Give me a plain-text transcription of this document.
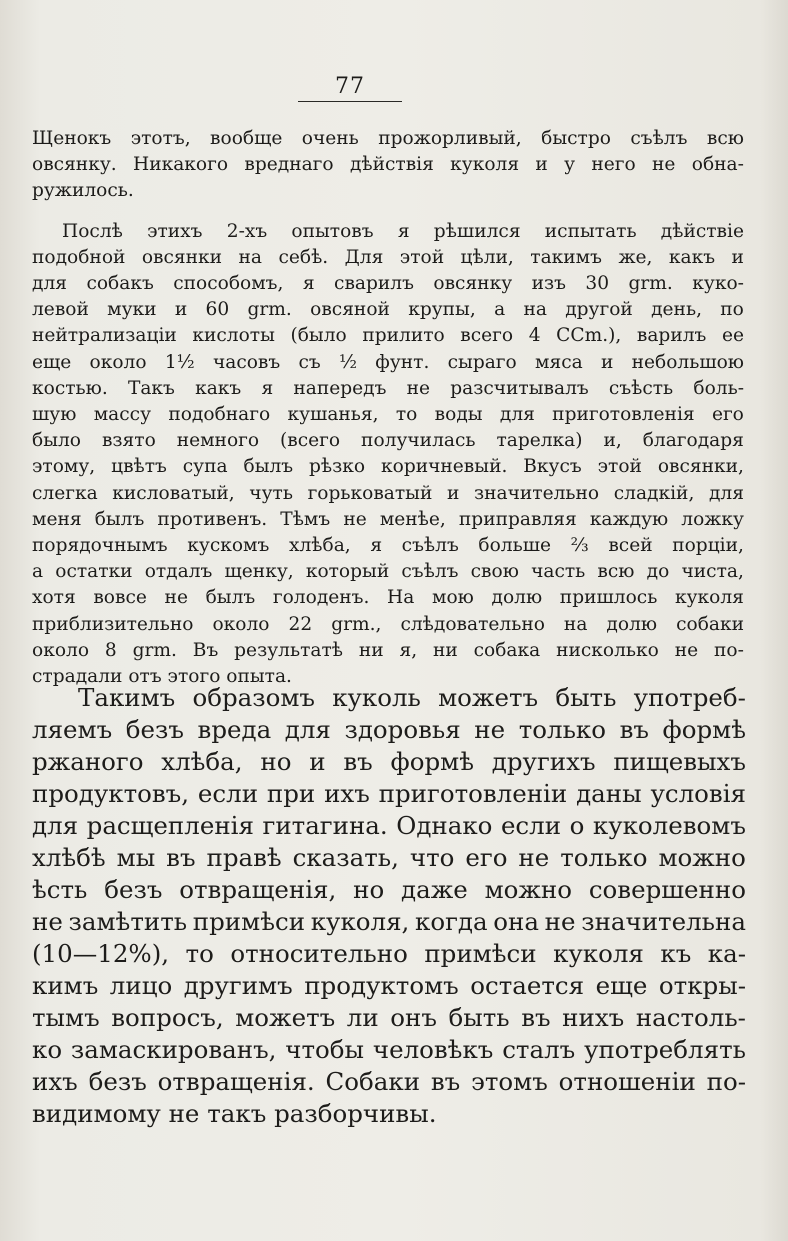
77
Щенокъ этотъ, вообще очень прожорливый, быстро съѣлъ всю
овсянку. Никакого вреднаго дѣйствія куколя и у него не обна-
ружилось.
Послѣ этихъ 2-хъ опытовъ я рѣшился испытать дѣйствіе
подобной овсянки на себѣ. Для этой цѣли, такимъ же, какъ и
для собакъ способомъ, я сварилъ овсянку изъ 30 grm. куко-
левой муки и 60 grm. овсяной крупы, а на другой день, по
нейтрализаціи кислоты (было прилито всего 4 CCm.), варилъ ее
еще около 1½ часовъ съ ½ фунт. сыраго мяса и небольшою
костью. Такъ какъ я напередъ не разсчитывалъ съѣсть боль-
шую массу подобнаго кушанья, то воды для приготовленія его
было взято немного (всего получилась тарелка) и, благодаря
этому, цвѣтъ супа былъ рѣзко коричневый. Вкусъ этой овсянки,
слегка кисловатый, чуть горьковатый и значительно сладкій, для
меня былъ противенъ. Тѣмъ не менѣе, приправляя каждую ложку
порядочнымъ кускомъ хлѣба, я съѣлъ больше ⅔ всей порціи,
а остатки отдалъ щенку, который съѣлъ свою часть всю до чиста,
хотя вовсе не былъ голоденъ. На мою долю пришлось куколя
приблизительно около 22 grm., слѣдовательно на долю собаки
около 8 grm. Въ результатѣ ни я, ни собака нисколько не по-
страдали отъ этого опыта.
Такимъ образомъ куколь можетъ быть употреб-
ляемъ безъ вреда для здоровья не только въ формѣ
ржаного хлѣба, но и въ формѣ другихъ пищевыхъ
продуктовъ, если при ихъ приготовленіи даны условія
для расщепленія гитагина. Однако если о куколевомъ
хлѣбѣ мы въ правѣ сказать, что его не только можно
ѣсть безъ отвращенія, но даже можно совершенно
не замѣтить примѣси куколя, когда она не значительна
(10—12%), то относительно примѣси куколя къ ка-
кимъ лицо другимъ продуктомъ остается еще откры-
тымъ вопросъ, можетъ ли онъ быть въ нихъ настоль-
ко замаскированъ, чтобы человѣкъ сталъ употреблять
ихъ безъ отвращенія. Собаки въ этомъ отношеніи по-
видимому не такъ разборчивы.
